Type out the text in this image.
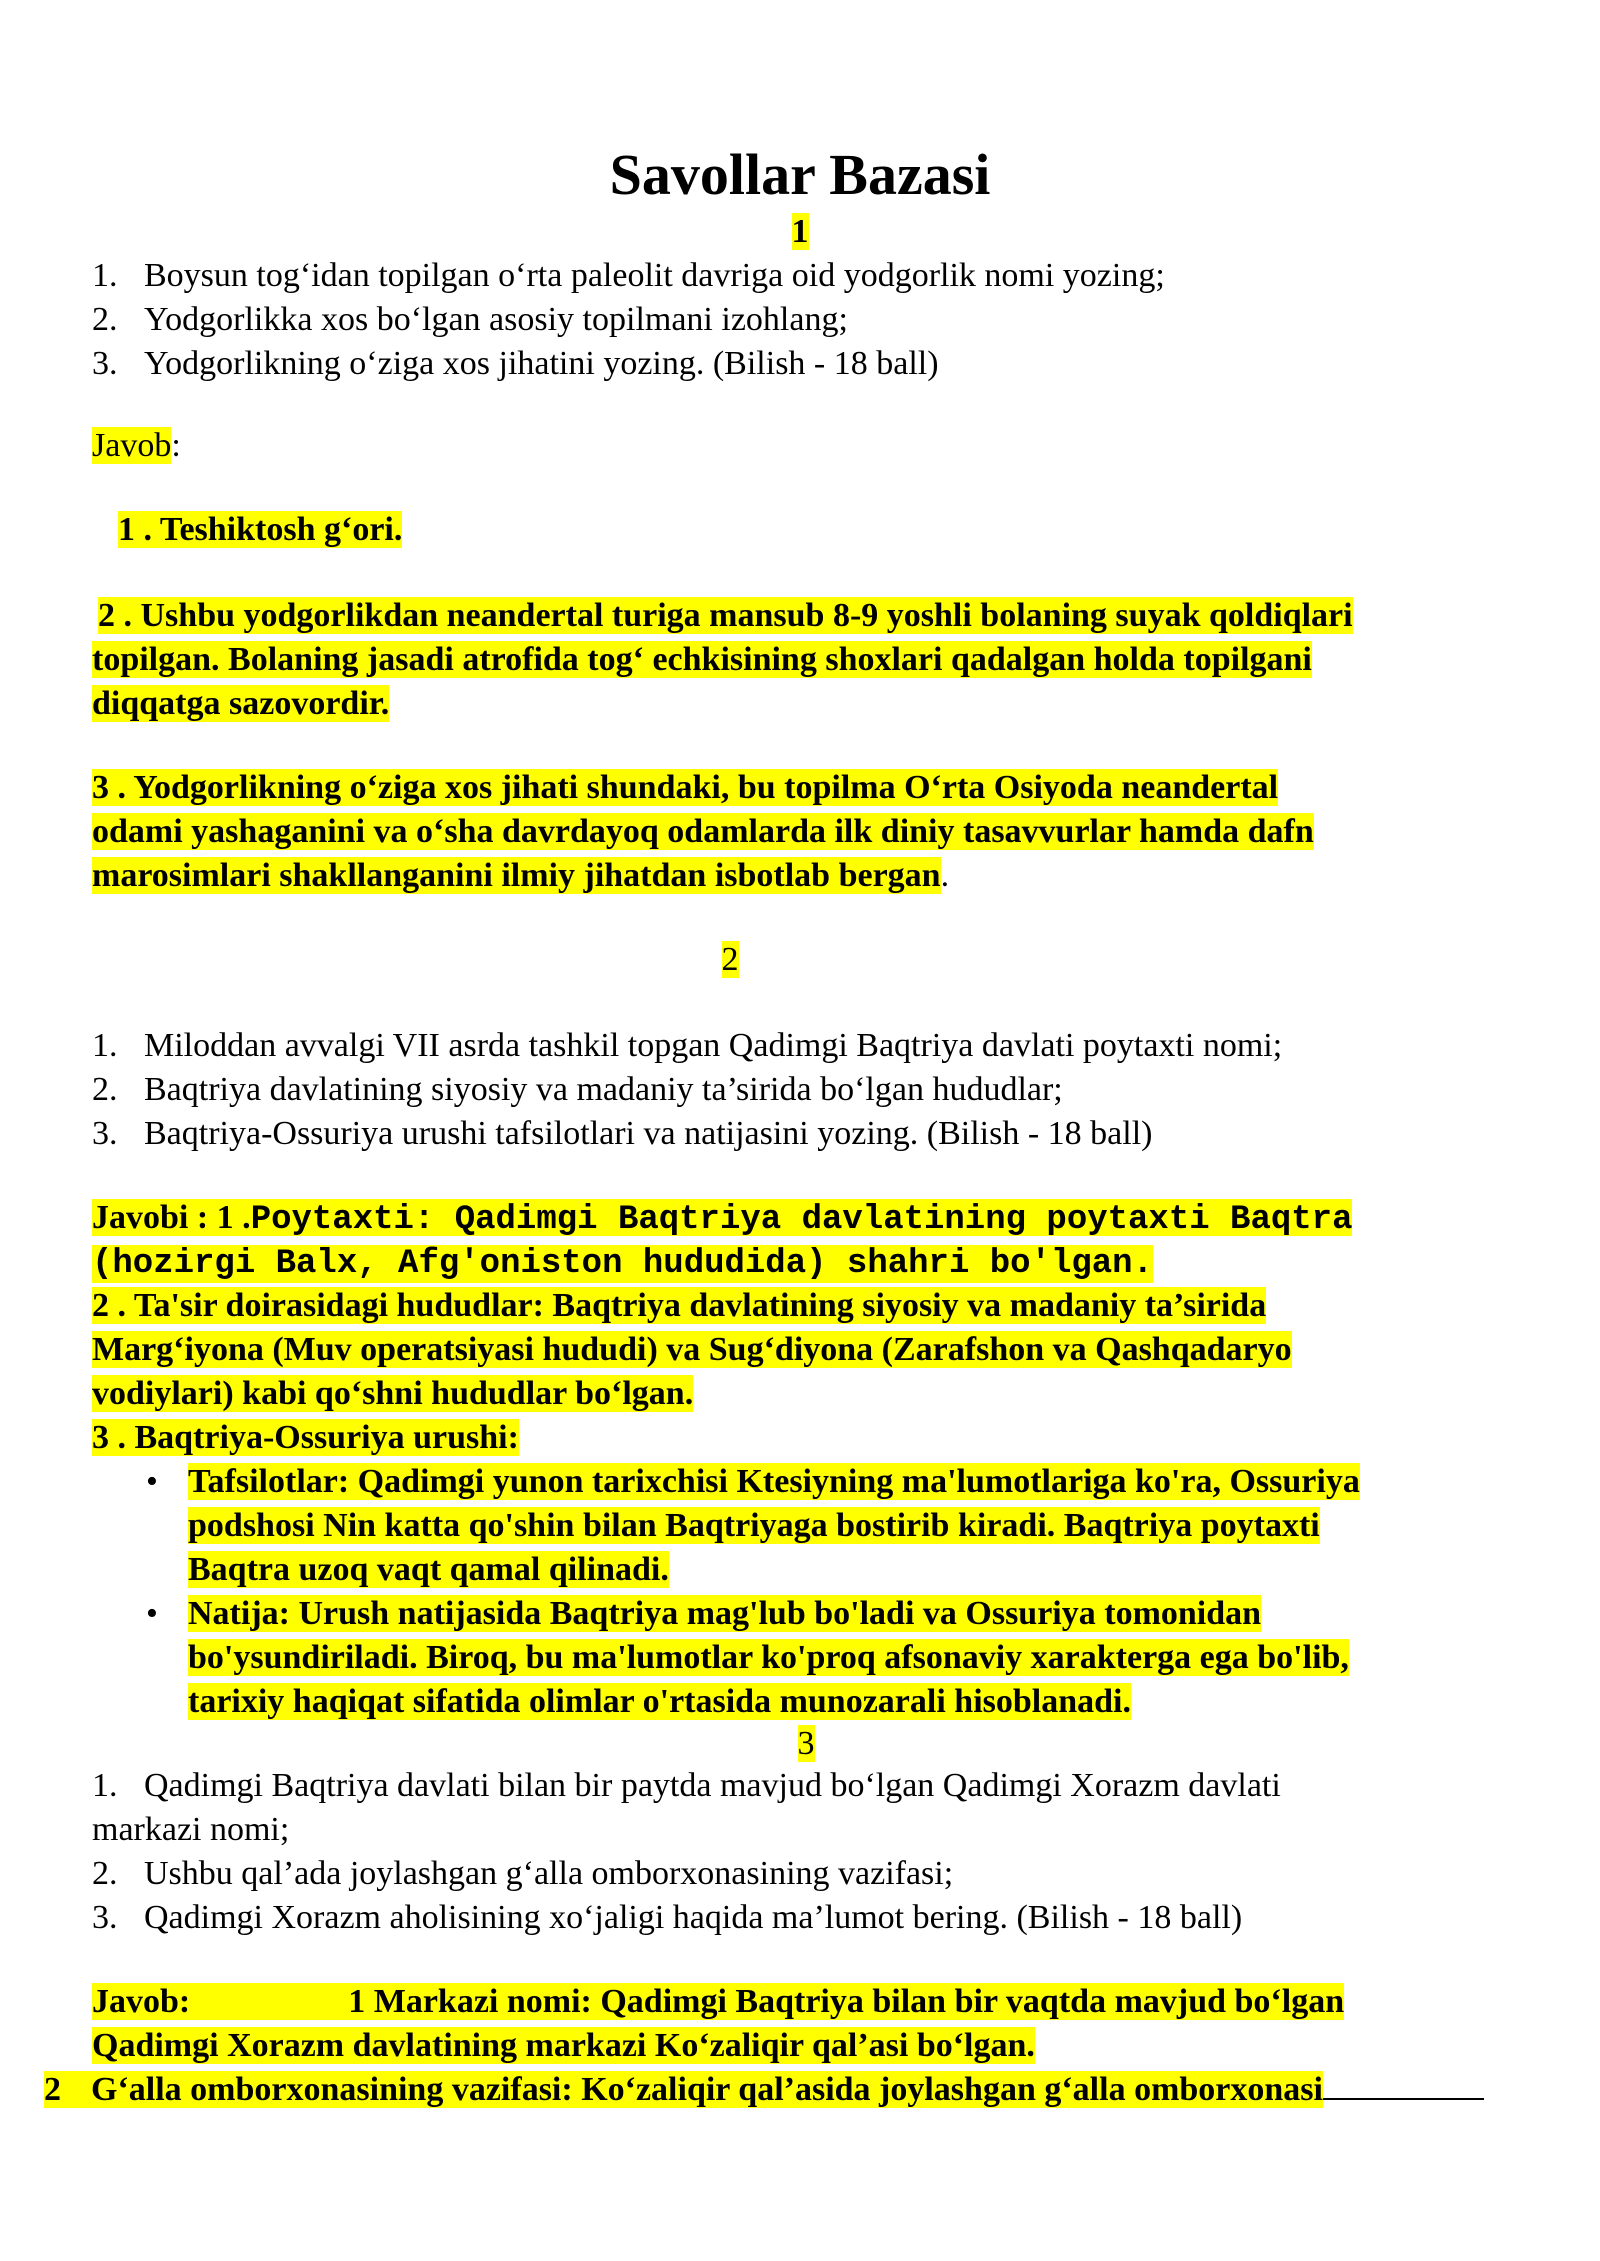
Savollar Bazasi
1
1. Boysun tog‘idan topilgan o‘rta paleolit davriga oid yodgorlik nomi yozing;
2. Yodgorlikka xos bo‘lgan asosiy topilmani izohlang;
3. Yodgorlikning o‘ziga xos jihatini yozing. (Bilish - 18 ball)
Javob:
1 . Teshiktosh g‘ori.
2 . Ushbu yodgorlikdan neandertal turiga mansub 8-9 yoshli bolaning suyak qoldiqlari
topilgan. Bolaning jasadi atrofida tog‘ echkisining shoxlari qadalgan holda topilgani
diqqatga sazovordir.
3 . Yodgorlikning o‘ziga xos jihati shundaki, bu topilma O‘rta Osiyoda neandertal
odami yashaganini va o‘sha davrdayoq odamlarda ilk diniy tasavvurlar hamda dafn
marosimlari shakllanganini ilmiy jihatdan isbotlab bergan.
2
1. Miloddan avvalgi VII asrda tashkil topgan Qadimgi Baqtriya davlati poytaxti nomi;
2. Baqtriya davlatining siyosiy va madaniy ta’sirida bo‘lgan hududlar;
3. Baqtriya-Ossuriya urushi tafsilotlari va natijasini yozing. (Bilish - 18 ball)
Javobi : 1 .Poytaxti: Qadimgi Baqtriya davlatining poytaxti Baqtra
(hozirgi Balx, Afg'oniston hududida) shahri bo'lgan.
2 . Ta'sir doirasidagi hududlar: Baqtriya davlatining siyosiy va madaniy ta’sirida
Marg‘iyona (Muv operatsiyasi hududi) va Sug‘diyona (Zarafshon va Qashqadaryo
vodiylari) kabi qo‘shni hududlar bo‘lgan.
3 . Baqtriya-Ossuriya urushi:
• Tafsilotlar: Qadimgi yunon tarixchisi Ktesiyning ma'lumotlariga ko'ra, Ossuriya
podshosi Nin katta qo'shin bilan Baqtriyaga bostirib kiradi. Baqtriya poytaxti
Baqtra uzoq vaqt qamal qilinadi.
• Natija: Urush natijasida Baqtriya mag'lub bo'ladi va Ossuriya tomonidan
bo'ysundiriladi. Biroq, bu ma'lumotlar ko'proq afsonaviy xarakterga ega bo'lib,
tarixiy haqiqat sifatida olimlar o'rtasida munozarali hisoblanadi.
3
1. Qadimgi Baqtriya davlati bilan bir paytda mavjud bo‘lgan Qadimgi Xorazm davlati
markazi nomi;
2. Ushbu qal’ada joylashgan g‘alla omborxonasining vazifasi;
3. Qadimgi Xorazm aholisining xo‘jaligi haqida ma’lumot bering. (Bilish - 18 ball)
Javob:	1 Markazi nomi: Qadimgi Baqtriya bilan bir vaqtda mavjud bo‘lgan
Qadimgi Xorazm davlatining markazi Ko‘zaliqir qal’asi bo‘lgan.
2 G‘alla omborxonasining vazifasi: Ko‘zaliqir qal’asida joylashgan g‘alla omborxonasi
